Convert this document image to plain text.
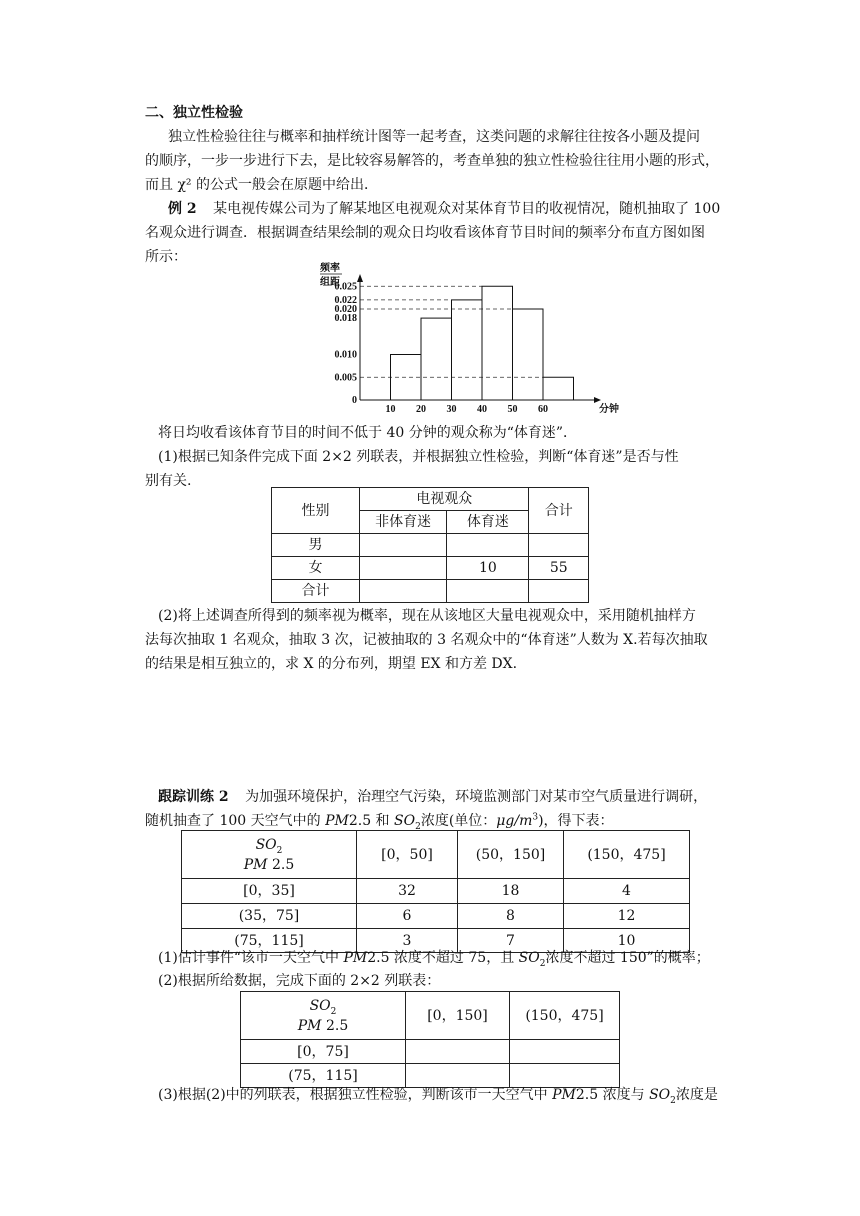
二、独立性检验
独立性检验往往与概率和抽样统计图等一起考查，这类问题的求解往往按各小题及提问
的顺序，一步一步进行下去，是比较容易解答的，考查单独的独立性检验往往用小题的形式，
而且 χ² 的公式一般会在原题中给出．
例 2 某电视传媒公司为了解某地区电视观众对某体育节目的收视情况，随机抽取了 100
名观众进行调查．根据调查结果绘制的观众日均收看该体育节目时间的频率分布直方图如图
所示：
10 20 30 40 50 60
0
0.005
0.010
0.018
0.020
0.022
0.025
频率
组距
分钟
将日均收看该体育节目的时间不低于 40 分钟的观众称为“体育迷”．
(1)根据已知条件完成下面 2×2 列联表，并根据独立性检验，判断“体育迷”是否与性
别有关.
性别	电视观众		合计
	非体育迷	体育迷	
男			
女		10	55
合计			
(2)将上述调查所得到的频率视为概率，现在从该地区大量电视观众中，采用随机抽样方
法每次抽取 1 名观众，抽取 3 次，记被抽取的 3 名观众中的“体育迷”人数为 X.若每次抽取
的结果是相互独立的，求 X 的分布列，期望 EX 和方差 DX.
跟踪训练 2 为加强环境保护，治理空气污染，环境监测部门对某市空气质量进行调研，
随机抽查了 100 天空气中的 PM2.5 和 $SO_2$浓度(单位：$\mu g/m^3$)，得下表：
$SO_2$
PM 2.5	[0，50]	(50，150]	(150，475]
[0，35]	32	18	4
(35，75]	6	8	12
(75，115]	3	7	10
(1)估计事件“该市一天空气中 PM2.5 浓度不超过 75，且 $SO_2$浓度不超过 150”的概率；
(2)根据所给数据，完成下面的 2×2 列联表：
$SO_2$
PM 2.5	[0，150]	(150，475]
[0，75]		
(75，115]		
(3)根据(2)中的列联表，根据独立性检验，判断该市一天空气中 PM2.5 浓度与 $SO_2$浓度是
